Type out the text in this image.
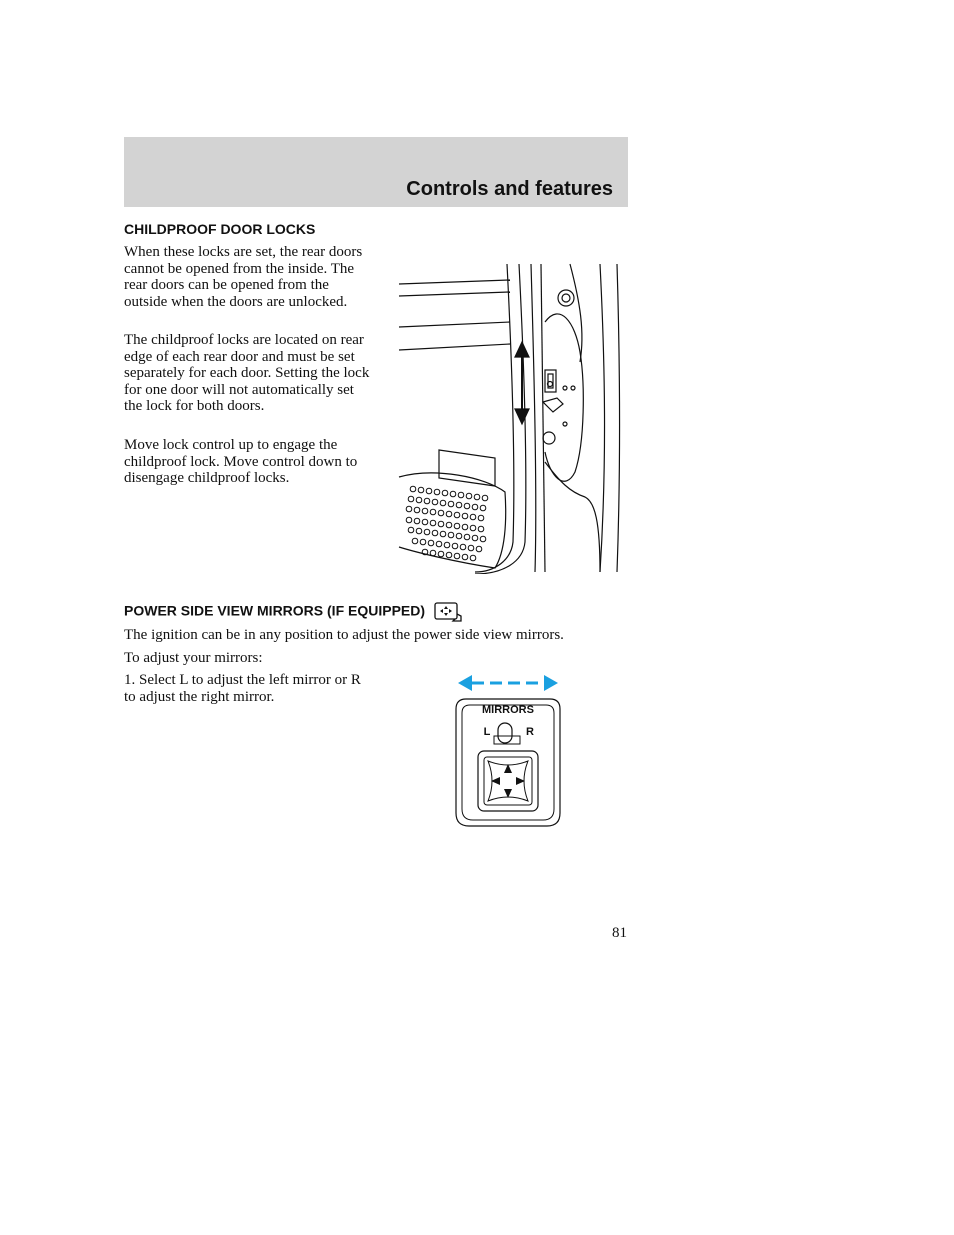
Controls and features
CHILDPROOF DOOR LOCKS

When these locks are set, the rear doors cannot be opened from the inside. The rear doors can be opened from the outside when the doors are unlocked.

The childproof locks are located on rear edge of each rear door and must be set separately for each door. Setting the lock for one door will not automatically set the lock for both doors.

Move lock control up to engage the childproof lock. Move control down to disengage childproof locks.

POWER SIDE VIEW MIRRORS (IF EQUIPPED)

The ignition can be in any position to adjust the power side view mirrors.

To adjust your mirrors:

1. Select L to adjust the left mirror or R to adjust the right mirror.

MIRRORS
L	R
81
